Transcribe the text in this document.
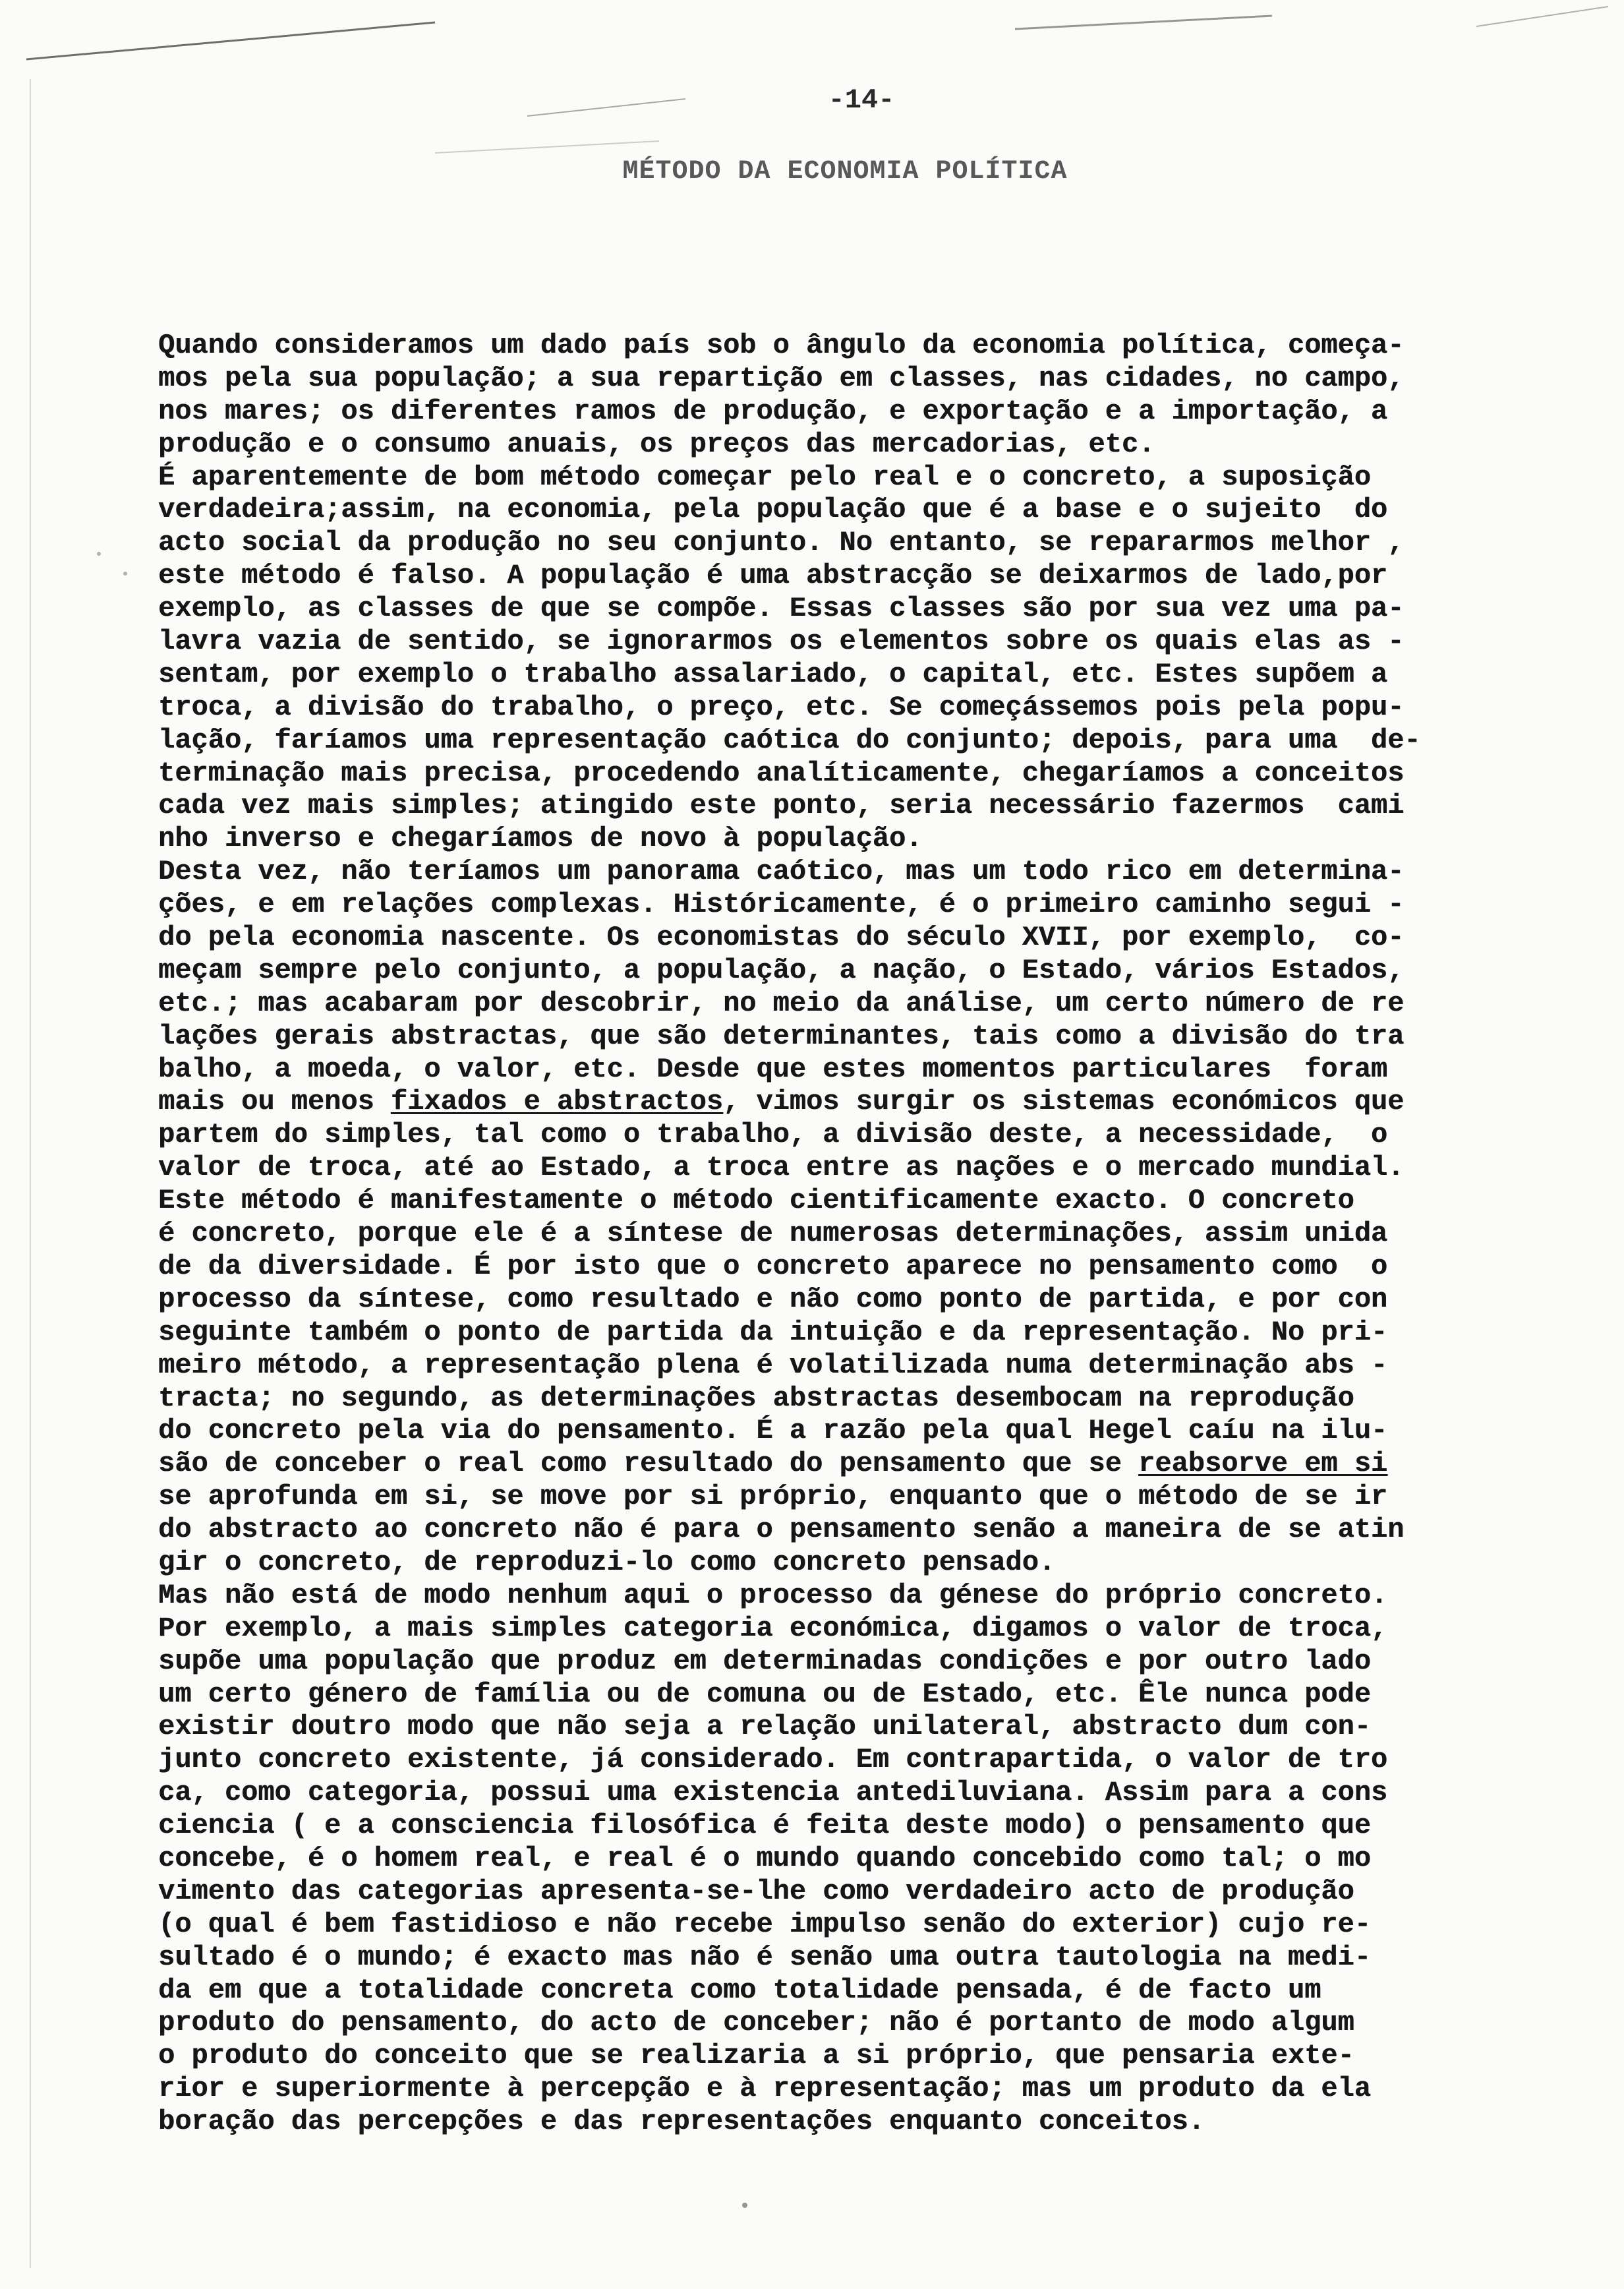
-14-
MÉTODO DA ECONOMIA POLÍTICA
Quando consideramos um dado país sob o ângulo da economia política, começa-
mos pela sua população; a sua repartição em classes, nas cidades, no campo,
nos mares; os diferentes ramos de produção, e exportação e a importação, a
produção e o consumo anuais, os preços das mercadorias, etc.
É aparentemente de bom método começar pelo real e o concreto, a suposição
verdadeira;assim, na economia, pela população que é a base e o sujeito  do
acto social da produção no seu conjunto. No entanto, se repararmos melhor ,
este método é falso. A população é uma abstracção se deixarmos de lado,por
exemplo, as classes de que se compõe. Essas classes são por sua vez uma pa-
lavra vazia de sentido, se ignorarmos os elementos sobre os quais elas as -
sentam, por exemplo o trabalho assalariado, o capital, etc. Estes supõem a
troca, a divisão do trabalho, o preço, etc. Se começássemos pois pela popu-
lação, faríamos uma representação caótica do conjunto; depois, para uma  de-
terminação mais precisa, procedendo analíticamente, chegaríamos a conceitos
cada vez mais simples; atingido este ponto, seria necessário fazermos  cami
nho inverso e chegaríamos de novo à população.
Desta vez, não teríamos um panorama caótico, mas um todo rico em determina-
ções, e em relações complexas. Históricamente, é o primeiro caminho segui -
do pela economia nascente. Os economistas do século XVII, por exemplo,  co-
meçam sempre pelo conjunto, a população, a nação, o Estado, vários Estados,
etc.; mas acabaram por descobrir, no meio da análise, um certo número de re
lações gerais abstractas, que são determinantes, tais como a divisão do tra
balho, a moeda, o valor, etc. Desde que estes momentos particulares  foram
mais ou menos fixados e abstractos, vimos surgir os sistemas económicos que
partem do simples, tal como o trabalho, a divisão deste, a necessidade,  o
valor de troca, até ao Estado, a troca entre as nações e o mercado mundial.
Este método é manifestamente o método cientificamente exacto. O concreto
é concreto, porque ele é a síntese de numerosas determinações, assim unida
de da diversidade. É por isto que o concreto aparece no pensamento como  o
processo da síntese, como resultado e não como ponto de partida, e por con
seguinte também o ponto de partida da intuição e da representação. No pri-
meiro método, a representação plena é volatilizada numa determinação abs -
tracta; no segundo, as determinações abstractas desembocam na reprodução
do concreto pela via do pensamento. É a razão pela qual Hegel caíu na ilu-
são de conceber o real como resultado do pensamento que se reabsorve em si
se aprofunda em si, se move por si próprio, enquanto que o método de se ir
do abstracto ao concreto não é para o pensamento senão a maneira de se atin
gir o concreto, de reproduzi-lo como concreto pensado.
Mas não está de modo nenhum aqui o processo da génese do próprio concreto.
Por exemplo, a mais simples categoria económica, digamos o valor de troca,
supõe uma população que produz em determinadas condições e por outro lado
um certo género de família ou de comuna ou de Estado, etc. Êle nunca pode
existir doutro modo que não seja a relação unilateral, abstracto dum con-
junto concreto existente, já considerado. Em contrapartida, o valor de tro
ca, como categoria, possui uma existencia antediluviana. Assim para a cons
ciencia ( e a consciencia filosófica é feita deste modo) o pensamento que
concebe, é o homem real, e real é o mundo quando concebido como tal; o mo
vimento das categorias apresenta-se-lhe como verdadeiro acto de produção
(o qual é bem fastidioso e não recebe impulso senão do exterior) cujo re-
sultado é o mundo; é exacto mas não é senão uma outra tautologia na medi-
da em que a totalidade concreta como totalidade pensada, é de facto um
produto do pensamento, do acto de conceber; não é portanto de modo algum
o produto do conceito que se realizaria a si próprio, que pensaria exte-
rior e superiormente à percepção e à representação; mas um produto da ela
boração das percepções e das representações enquanto conceitos.
